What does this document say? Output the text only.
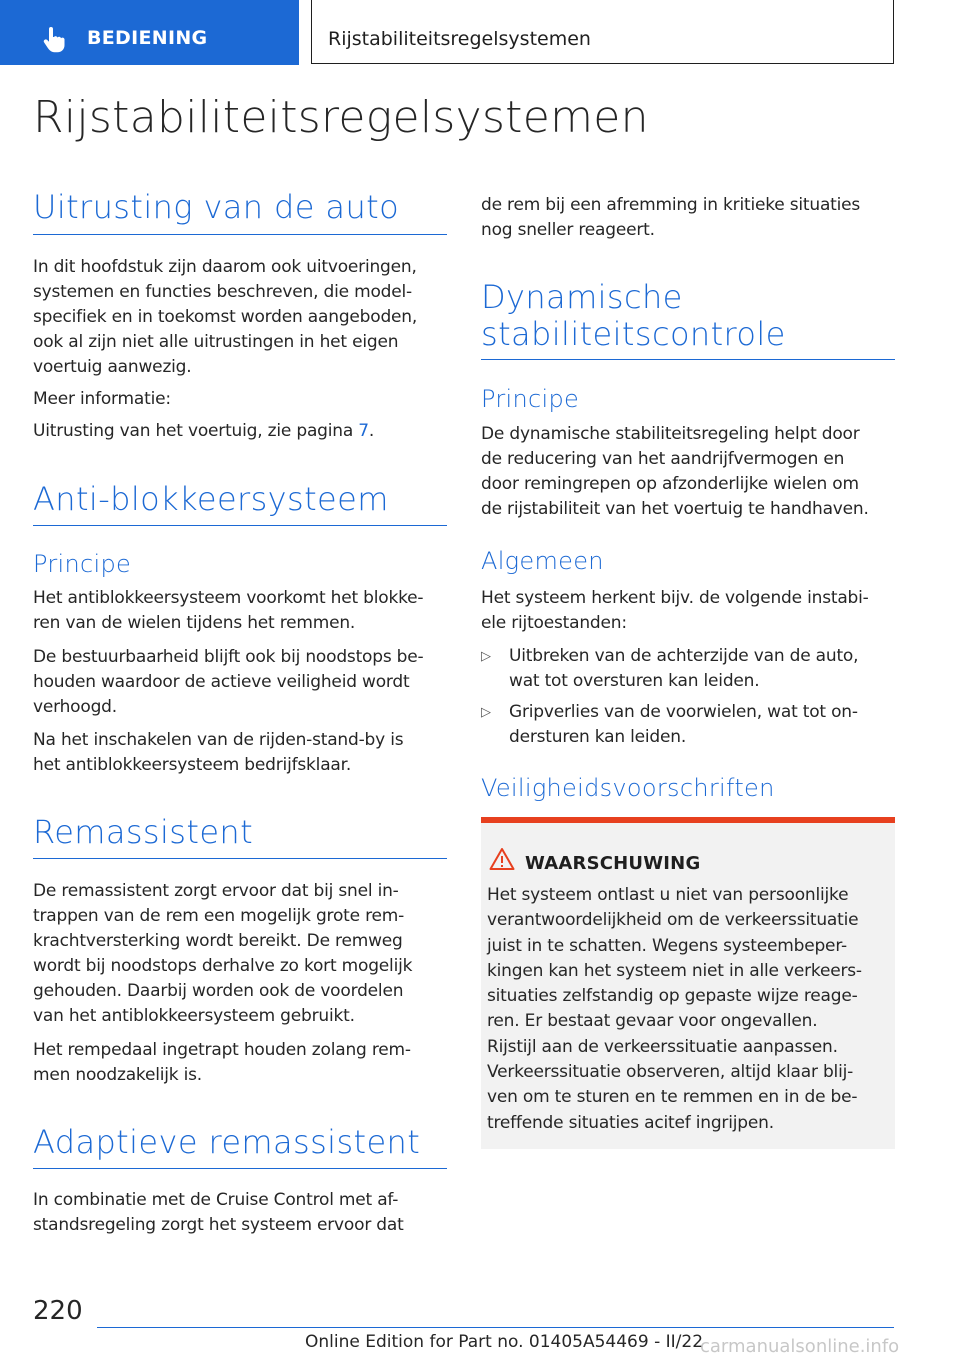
BEDIENING	Rijstabiliteitsregelsystemen
Rijstabiliteitsregelsystemen
Uitrusting van de auto
In dit hoofdstuk zijn daarom ook uitvoeringen,
systemen en functies beschreven, die model-
specifiek en in toekomst worden aangeboden,
ook al zijn niet alle uitrustingen in het eigen
voertuig aanwezig.
Meer informatie:
Uitrusting van het voertuig, zie pagina 7.
Anti-blokkeersysteem
Principe
Het antiblokkeersysteem voorkomt het blokke-
ren van de wielen tijdens het remmen.
De bestuurbaarheid blijft ook bij noodstops be-
houden waardoor de actieve veiligheid wordt
verhoogd.
Na het inschakelen van de rijden-stand-by is
het antiblokkeersysteem bedrijfsklaar.
Remassistent
De remassistent zorgt ervoor dat bij snel in-
trappen van de rem een mogelijk grote rem-
krachtversterking wordt bereikt. De remweg
wordt bij noodstops derhalve zo kort mogelijk
gehouden. Daarbij worden ook de voordelen
van het antiblokkeersysteem gebruikt.
Het rempedaal ingetrapt houden zolang rem-
men noodzakelijk is.
Adaptieve remassistent
In combinatie met de Cruise Control met af-
standsregeling zorgt het systeem ervoor dat
de rem bij een afremming in kritieke situaties
nog sneller reageert.
Dynamische
stabiliteitscontrole
Principe
De dynamische stabiliteitsregeling helpt door
de reducering van het aandrijfvermogen en
door remingrepen op afzonderlijke wielen om
de rijstabiliteit van het voertuig te handhaven.
Algemeen
Het systeem herkent bijv. de volgende instabi-
ele rijtoestanden:
▷ Uitbreken van de achterzijde van de auto,
wat tot oversturen kan leiden.
▷ Gripverlies van de voorwielen, wat tot on-
dersturen kan leiden.
Veiligheidsvoorschriften
WAARSCHUWING
Het systeem ontlast u niet van persoonlijke
verantwoordelijkheid om de verkeerssituatie
juist in te schatten. Wegens systeembeper-
kingen kan het systeem niet in alle verkeers-
situaties zelfstandig op gepaste wijze reage-
ren. Er bestaat gevaar voor ongevallen.
Rijstijl aan de verkeerssituatie aanpassen.
Verkeerssituatie observeren, altijd klaar blij-
ven om te sturen en te remmen en in de be-
treffende situaties acitef ingrijpen.
220
Online Edition for Part no. 01405A54469 - II/22
carmanualsonline.info
